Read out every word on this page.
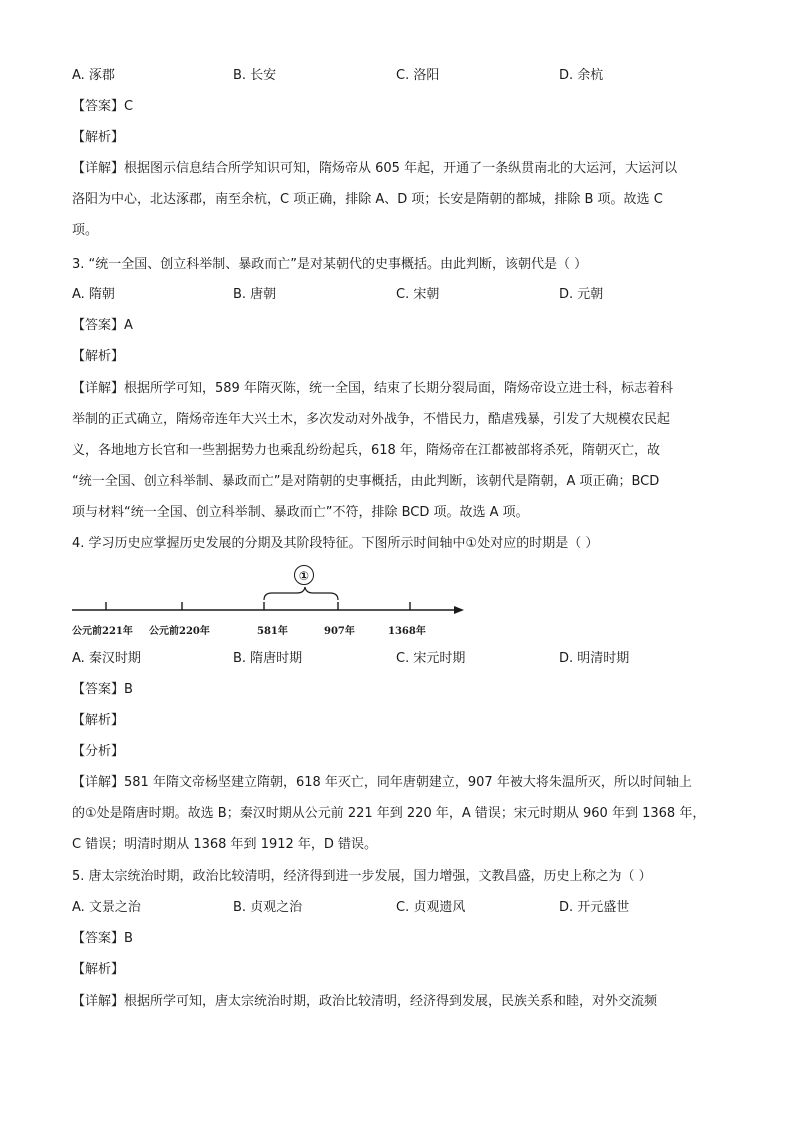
A. 涿郡	B. 长安	C. 洛阳	D. 余杭
【答案】C
【解析】
【详解】根据图示信息结合所学知识可知，隋炀帝从 605 年起，开通了一条纵贯南北的大运河，大运河以
洛阳为中心，北达涿郡，南至余杭，C 项正确，排除 A、D 项；长安是隋朝的都城，排除 B 项。故选 C
项。
3. “统一全国、创立科举制、暴政而亡”是对某朝代的史事概括。由此判断，该朝代是（ ）
A. 隋朝	B. 唐朝	C. 宋朝	D. 元朝
【答案】A
【解析】
【详解】根据所学可知，589 年隋灭陈，统一全国，结束了长期分裂局面，隋炀帝设立进士科，标志着科
举制的正式确立，隋炀帝连年大兴土木，多次发动对外战争，不惜民力，酷虐残暴，引发了大规模农民起
义，各地地方长官和一些割据势力也乘乱纷纷起兵，618 年，隋炀帝在江都被部将杀死，隋朝灭亡，故
“统一全国、创立科举制、暴政而亡”是对隋朝的史事概括，由此判断，该朝代是隋朝，A 项正确；BCD
项与材料“统一全国、创立科举制、暴政而亡”不符，排除 BCD 项。故选 A 项。
4. 学习历史应掌握历史发展的分期及其阶段特征。下图所示时间轴中①处对应的时期是（ ）
①
公元前221年 公元前220年	581年	907年	1368年
A. 秦汉时期	B. 隋唐时期	C. 宋元时期	D. 明清时期
【答案】B
【解析】
【分析】
【详解】581 年隋文帝杨坚建立隋朝，618 年灭亡，同年唐朝建立，907 年被大将朱温所灭，所以时间轴上
的①处是隋唐时期。故选 B；秦汉时期从公元前 221 年到 220 年，A 错误；宋元时期从 960 年到 1368 年，
C 错误；明清时期从 1368 年到 1912 年，D 错误。
5. 唐太宗统治时期，政治比较清明，经济得到进一步发展，国力增强，文教昌盛，历史上称之为（ ）
A. 文景之治	B. 贞观之治	C. 贞观遗风	D. 开元盛世
【答案】B
【解析】
【详解】根据所学可知，唐太宗统治时期，政治比较清明，经济得到发展，民族关系和睦，对外交流频
